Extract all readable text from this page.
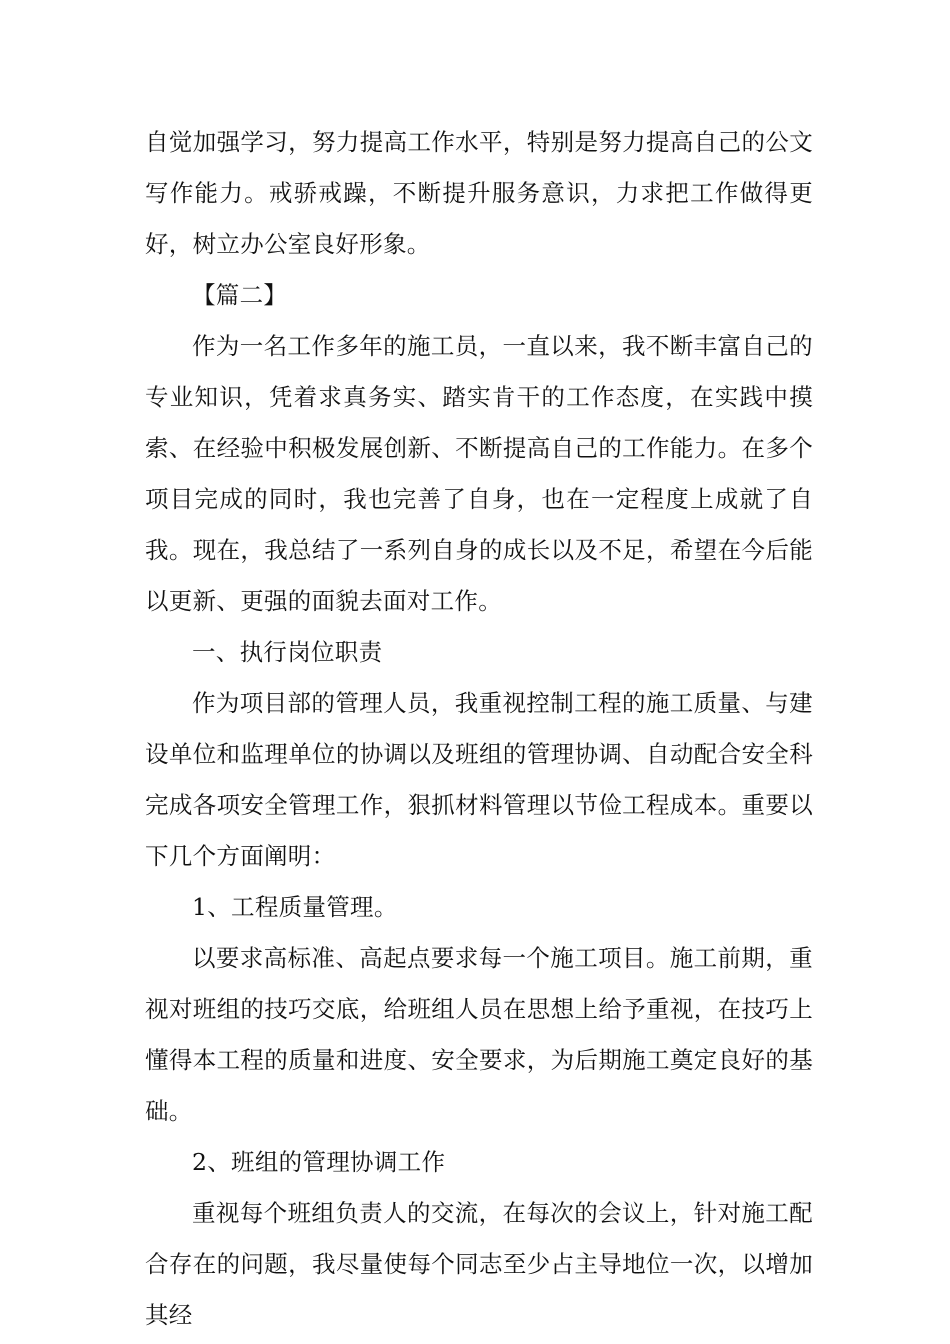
自觉加强学习，努力提高工作水平，特别是努力提高自己的公文写作能力。戒骄戒躁，不断提升服务意识，力求把工作做得更好，树立办公室良好形象。

【篇二】

作为一名工作多年的施工员，一直以来，我不断丰富自己的专业知识，凭着求真务实、踏实肯干的工作态度，在实践中摸索、在经验中积极发展创新、不断提高自己的工作能力。在多个项目完成的同时，我也完善了自身，也在一定程度上成就了自我。现在，我总结了一系列自身的成长以及不足，希望在今后能以更新、更强的面貌去面对工作。

一、执行岗位职责

作为项目部的管理人员，我重视控制工程的施工质量、与建设单位和监理单位的协调以及班组的管理协调、自动配合安全科完成各项安全管理工作，狠抓材料管理以节俭工程成本。重要以下几个方面阐明：

1、工程质量管理。

以要求高标准、高起点要求每一个施工项目。施工前期，重视对班组的技巧交底，给班组人员在思想上给予重视，在技巧上懂得本工程的质量和进度、安全要求，为后期施工奠定良好的基础。

2、班组的管理协调工作

重视每个班组负责人的交流，在每次的会议上，针对施工配合存在的问题，我尽量使每个同志至少占主导地位一次，以增加其经
